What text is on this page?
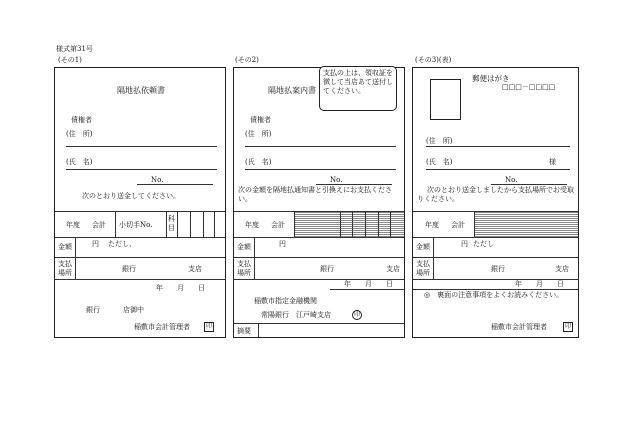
様式第31号
(その1)
隔地払依頼書
債権者
(住　所)
(氏　名)
No.
次のとおり送金してください。
年度 会計 小切手No.
科
目
金額	円 ただし、
支払
場所	銀行	支店
年　　月　　日
銀行	店御中
稲敷市会計管理者	印
(その2)
隔地払案内書
支払の上は、領収証を徴して当店あて送付してください。
債権者
(住　所)
(氏　名)
No.
次の金額を隔地払通知書と引換えにお支払ください。
年度 会計
金額	円
支払
場所	銀行	支店
年　　月　　日
稲敷市指定金融機関
常陽銀行　江戸崎支店	印
摘要
(その3)(表)
郵便はがき
□□□－□□□□
(住　所)
(氏　名)	様
No.
次のとおり送金しましたから支払場所でお受取りください。
年度 会計
金額	円 ただし
支払
場所	銀行	支店
年　　月　　日
◎　裏面の注意事項をよくお読みください。
稲敷市会計管理者	印
